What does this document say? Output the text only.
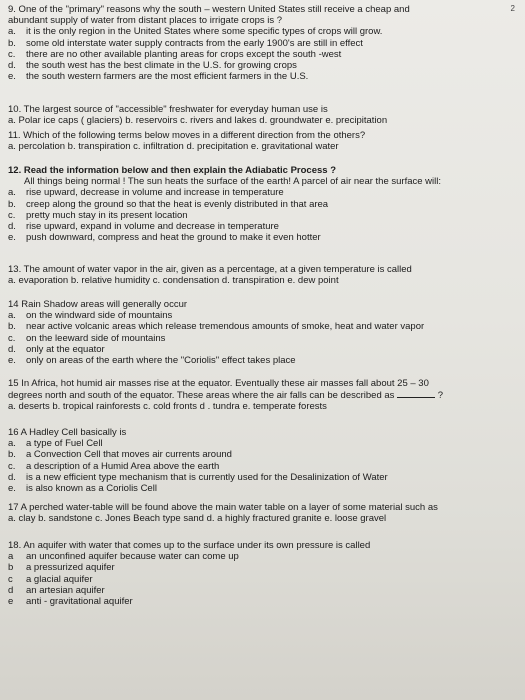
2
9. One of the "primary" reasons why the south – western United States still receive a cheap and
abundant supply of water from distant places to irrigate crops is ?
a.	it is the only region in the United States where some specific types of crops will grow.
b.	some old interstate water supply contracts from the early 1900's are still in effect
c.	there are no other available planting areas for crops except the south -west
d.	the south west has the best climate in the U.S. for growing crops
e.	the south western farmers are the most efficient farmers in the U.S.
10. The largest source of "accessible" freshwater for everyday human use is
a. Polar ice caps ( glaciers) b. reservoirs c. rivers and lakes d. groundwater e. precipitation
11. Which of the following terms below moves in a different direction from the others?
a. percolation b. transpiration c. infiltration d. precipitation e. gravitational water
12. Read the information below and then explain the Adiabatic Process ?
All things being normal ! The sun heats the surface of the earth! A parcel of air near the surface will:
a.	rise upward, decrease in volume and increase in temperature
b.	creep along the ground so that the heat is evenly distributed in that area
c.	pretty much stay in its present location
d.	rise upward, expand in volume and decrease in temperature
e.	push downward, compress and heat the ground to make it even hotter
13. The amount of water vapor in the air, given as a percentage, at a given temperature is called
a. evaporation b. relative humidity c. condensation d. transpiration e. dew point
14 Rain Shadow areas will generally occur
a.	on the windward side of mountains
b.	near active volcanic areas which release tremendous amounts of smoke, heat and water vapor
c.	on the leeward side of mountains
d.	only at the equator
e.	only on areas of the earth where the "Coriolis" effect takes place
15 In Africa, hot humid air masses rise at the equator. Eventually these air masses fall about 25 – 30
degrees north and south of the equator. These areas where the air falls can be described as	?
a. deserts b. tropical rainforests c. cold fronts d . tundra e. temperate forests
16 A Hadley Cell basically is
a.	a type of Fuel Cell
b.	a Convection Cell that moves air currents around
c.	a description of a Humid Area above the earth
d.	is a new efficient type mechanism that is currently used for the Desalinization of Water
e.	is also known as a Coriolis Cell
17 A perched water-table will be found above the main water table on a layer of some material such as
a. clay b. sandstone c. Jones Beach type sand d. a highly fractured granite e. loose gravel
18. An aquifer with water that comes up to the surface under its own pressure is called
a	an unconfined aquifer because water can come up
b	a pressurized aquifer
c	a glacial aquifer
d	an artesian aquifer
e	anti - gravitational aquifer
